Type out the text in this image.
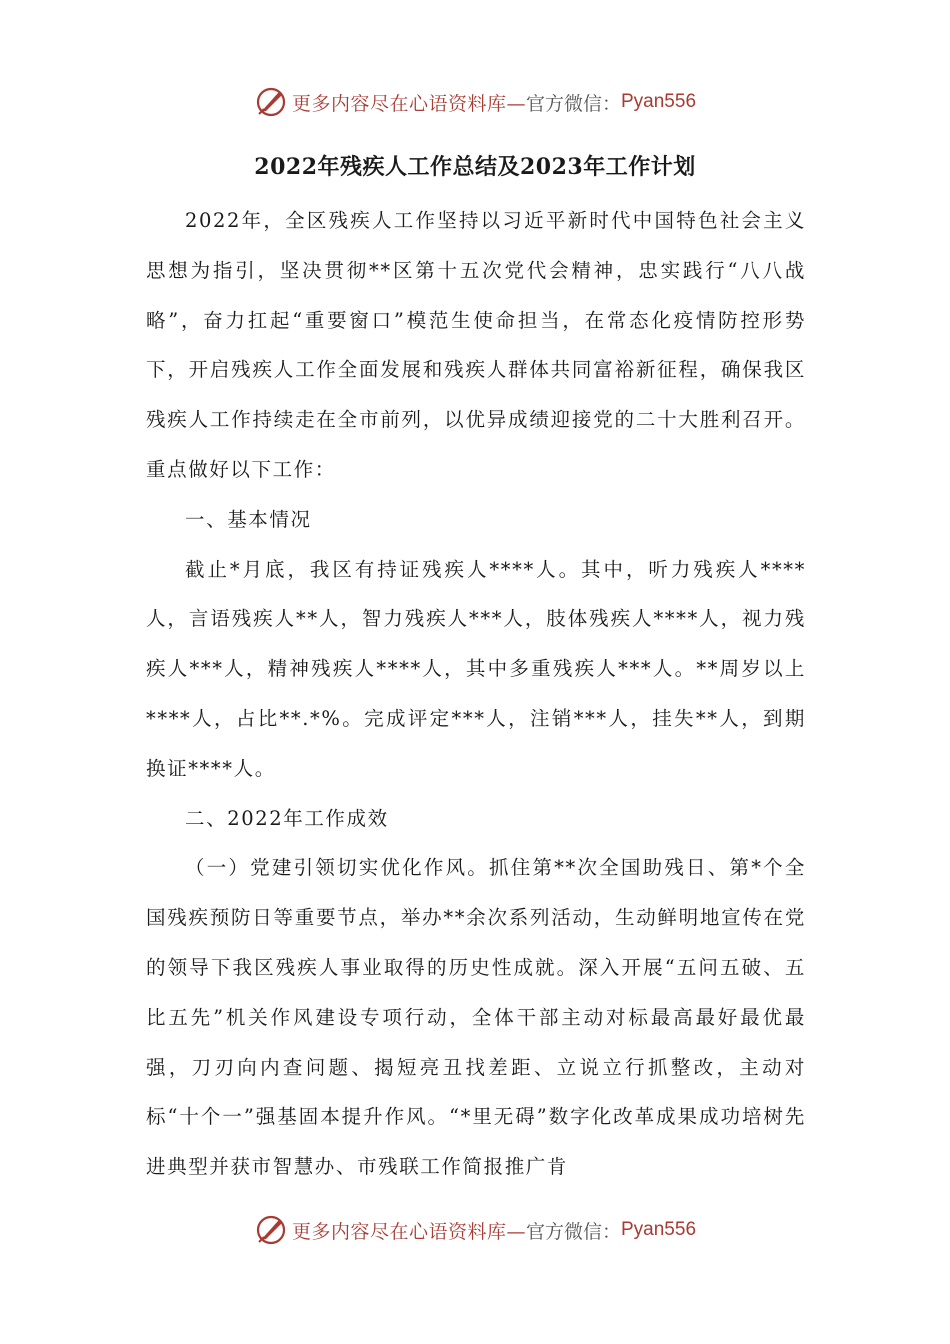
更多内容尽在心语资料库— 官方微信： Pyan556
2022年残疾人工作总结及2023年工作计划

2022年，全区残疾人工作坚持以习近平新时代中国特色社会主义思想为指引，坚决贯彻**区第十五次党代会精神，忠实践行“八八战略”，奋力扛起“重要窗口”模范生使命担当，在常态化疫情防控形势下，开启残疾人工作全面发展和残疾人群体共同富裕新征程，确保我区残疾人工作持续走在全市前列，以优异成绩迎接党的二十大胜利召开。重点做好以下工作：

一、基本情况

截止*月底，我区有持证残疾人****人。其中，听力残疾人****人，言语残疾人**人，智力残疾人***人，肢体残疾人****人，视力残疾人***人，精神残疾人****人，其中多重残疾人***人。**周岁以上****人，占比**.*%。完成评定***人，注销***人，挂失**人，到期换证****人。

二、2022年工作成效

（一）党建引领切实优化作风。抓住第**次全国助残日、第*个全国残疾预防日等重要节点，举办**余次系列活动，生动鲜明地宣传在党的领导下我区残疾人事业取得的历史性成就。深入开展“五问五破、五比五先”机关作风建设专项行动，全体干部主动对标最高最好最优最强，刀刃向内查问题、揭短亮丑找差距、立说立行抓整改，主动对标“十个一”强基固本提升作风。“*里无碍”数字化改革成果成功培树先进典型并获市智慧办、市残联工作简报推广肯

更多内容尽在心语资料库— 官方微信： Pyan556
